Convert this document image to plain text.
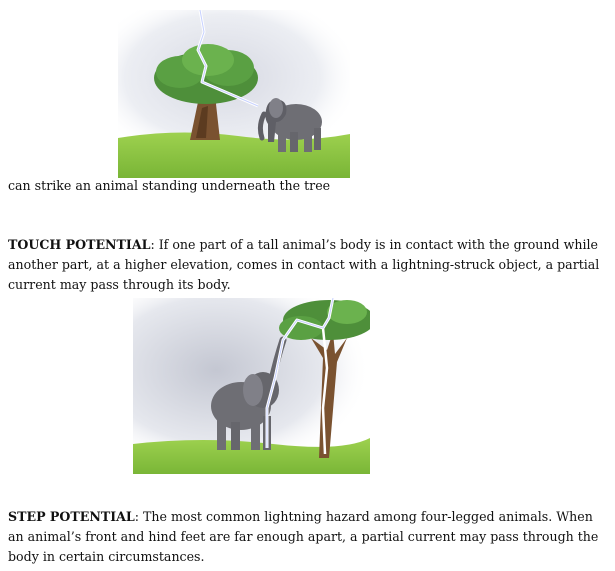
can strike an animal standing underneath the tree

TOUCH POTENTIAL: If one part of a tall animal’s body is in contact with the ground while another part, at a higher elevation, comes in contact with a lightning-struck object, a partial current may pass through its body.

STEP POTENTIAL: The most common lightning hazard among four-legged animals. When an animal’s front and hind feet are far enough apart, a partial current may pass through the body in certain circumstances.
